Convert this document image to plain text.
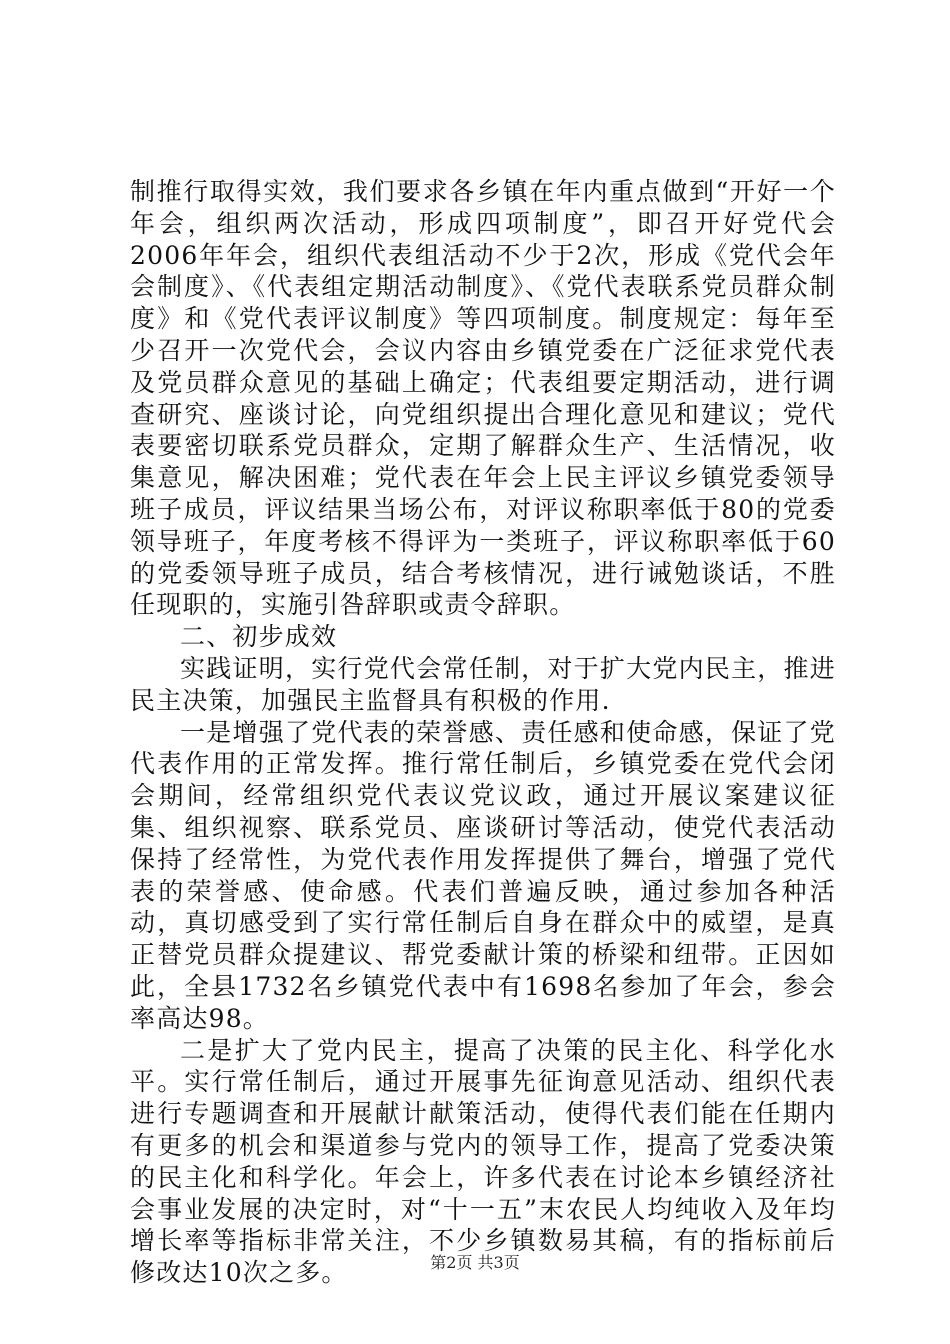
制推行取得实效，我们要求各乡镇在年内重点做到“开好一个年会，组织两次活动，形成四项制度”，即召开好党代会2006年年会，组织代表组活动不少于2次，形成《党代会年会制度》、《代表组定期活动制度》、《党代表联系党员群众制度》和《党代表评议制度》等四项制度。制度规定：每年至少召开一次党代会，会议内容由乡镇党委在广泛征求党代表及党员群众意见的基础上确定；代表组要定期活动，进行调查研究、座谈讨论，向党组织提出合理化意见和建议；党代表要密切联系党员群众，定期了解群众生产、生活情况，收集意见，解决困难；党代表在年会上民主评议乡镇党委领导班子成员，评议结果当场公布，对评议称职率低于80的党委领导班子，年度考核不得评为一类班子，评议称职率低于60的党委领导班子成员，结合考核情况，进行诫勉谈话，不胜任现职的，实施引咎辞职或责令辞职。

二、初步成效

实践证明，实行党代会常任制，对于扩大党内民主，推进民主决策，加强民主监督具有积极的作用.

一是增强了党代表的荣誉感、责任感和使命感，保证了党代表作用的正常发挥。推行常任制后，乡镇党委在党代会闭会期间，经常组织党代表议党议政，通过开展议案建议征集、组织视察、联系党员、座谈研讨等活动，使党代表活动保持了经常性，为党代表作用发挥提供了舞台，增强了党代表的荣誉感、使命感。代表们普遍反映，通过参加各种活动，真切感受到了实行常任制后自身在群众中的威望，是真正替党员群众提建议、帮党委献计策的桥梁和纽带。正因如此，全县1732名乡镇党代表中有1698名参加了年会，参会率高达98。

二是扩大了党内民主，提高了决策的民主化、科学化水平。实行常任制后，通过开展事先征询意见活动、组织代表进行专题调查和开展献计献策活动，使得代表们能在任期内有更多的机会和渠道参与党内的领导工作，提高了党委决策的民主化和科学化。年会上，许多代表在讨论本乡镇经济社会事业发展的决定时，对“十一五”末农民人均纯收入及年均增长率等指标非常关注，不少乡镇数易其稿，有的指标前后修改达10次之多。	第2页 共3页
